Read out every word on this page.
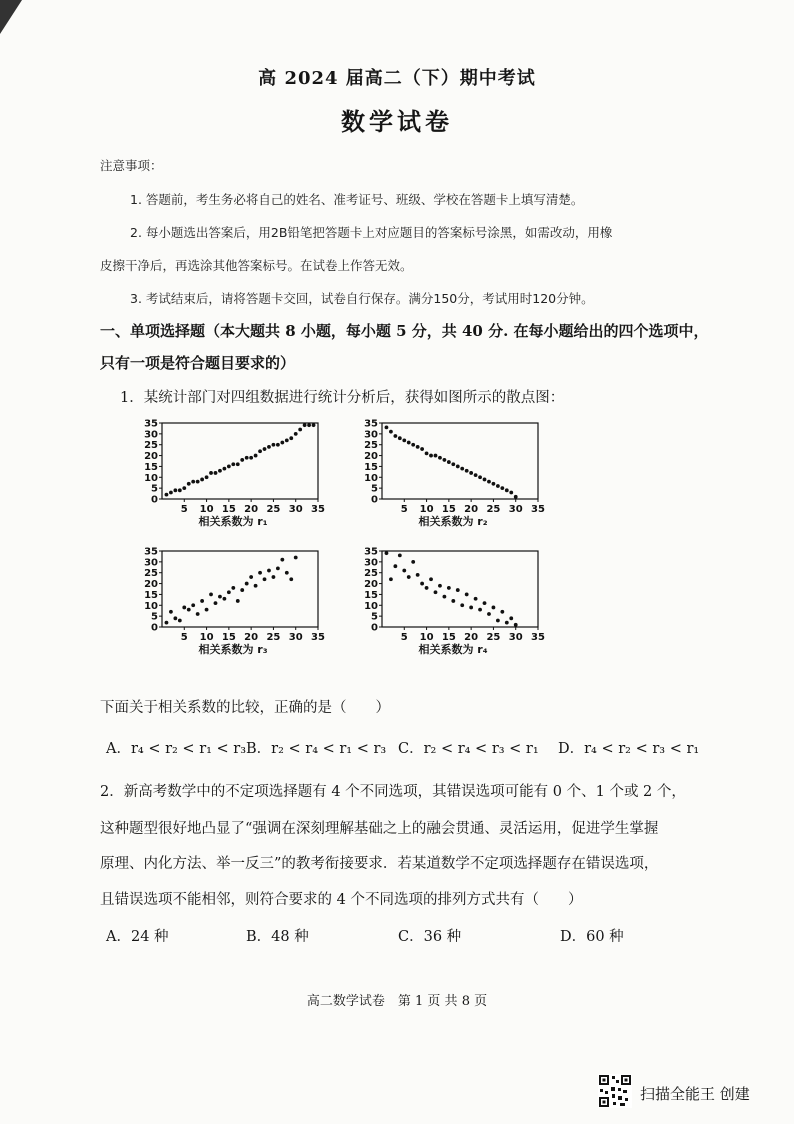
高 2024 届高二（下）期中考试
数学试卷
注意事项：
1. 答题前，考生务必将自己的姓名、准考证号、班级、学校在答题卡上填写清楚。
2. 每小题选出答案后，用2B铅笔把答题卡上对应题目的答案标号涂黑，如需改动，用橡
皮擦干净后，再选涂其他答案标号。在试卷上作答无效。
3. 考试结束后，请将答题卡交回，试卷自行保存。满分150分，考试用时120分钟。
一、单项选择题（本大题共 8 小题，每小题 5 分，共 40 分. 在每小题给出的四个选项中，
只有一项是符合题目要求的）
1．某统计部门对四组数据进行统计分析后，获得如图所示的散点图：
0
5
10
15
20
25
30
35
5 10 15 20 25 30 35
相关系数为 r₁
0
5
10
15
20
25
30
35
5 10 15 20 25 30 35
相关系数为 r₂
0
5
10
15
20
25
30
35
5 10 15 20 25 30 35
相关系数为 r₃
0
5
10
15
20
25
30
35
5 10 15 20 25 30 35
相关系数为 r₄
下面关于相关系数的比较，正确的是（　　）
A．r₄ < r₂ < r₁ < r₃ B．r₂ < r₄ < r₁ < r₃ C．r₂ < r₄ < r₃ < r₁ D．r₄ < r₂ < r₃ < r₁
2．新高考数学中的不定项选择题有 4 个不同选项，其错误选项可能有 0 个、1 个或 2 个，
这种题型很好地凸显了“强调在深刻理解基础之上的融会贯通、灵活运用，促进学生掌握
原理、内化方法、举一反三”的教考衔接要求．若某道数学不定项选择题存在错误选项，
且错误选项不能相邻，则符合要求的 4 个不同选项的排列方式共有（　　）
A．24 种	B．48 种	C．36 种	D．60 种
高二数学试卷　第 1 页 共 8 页
扫描全能王 创建
